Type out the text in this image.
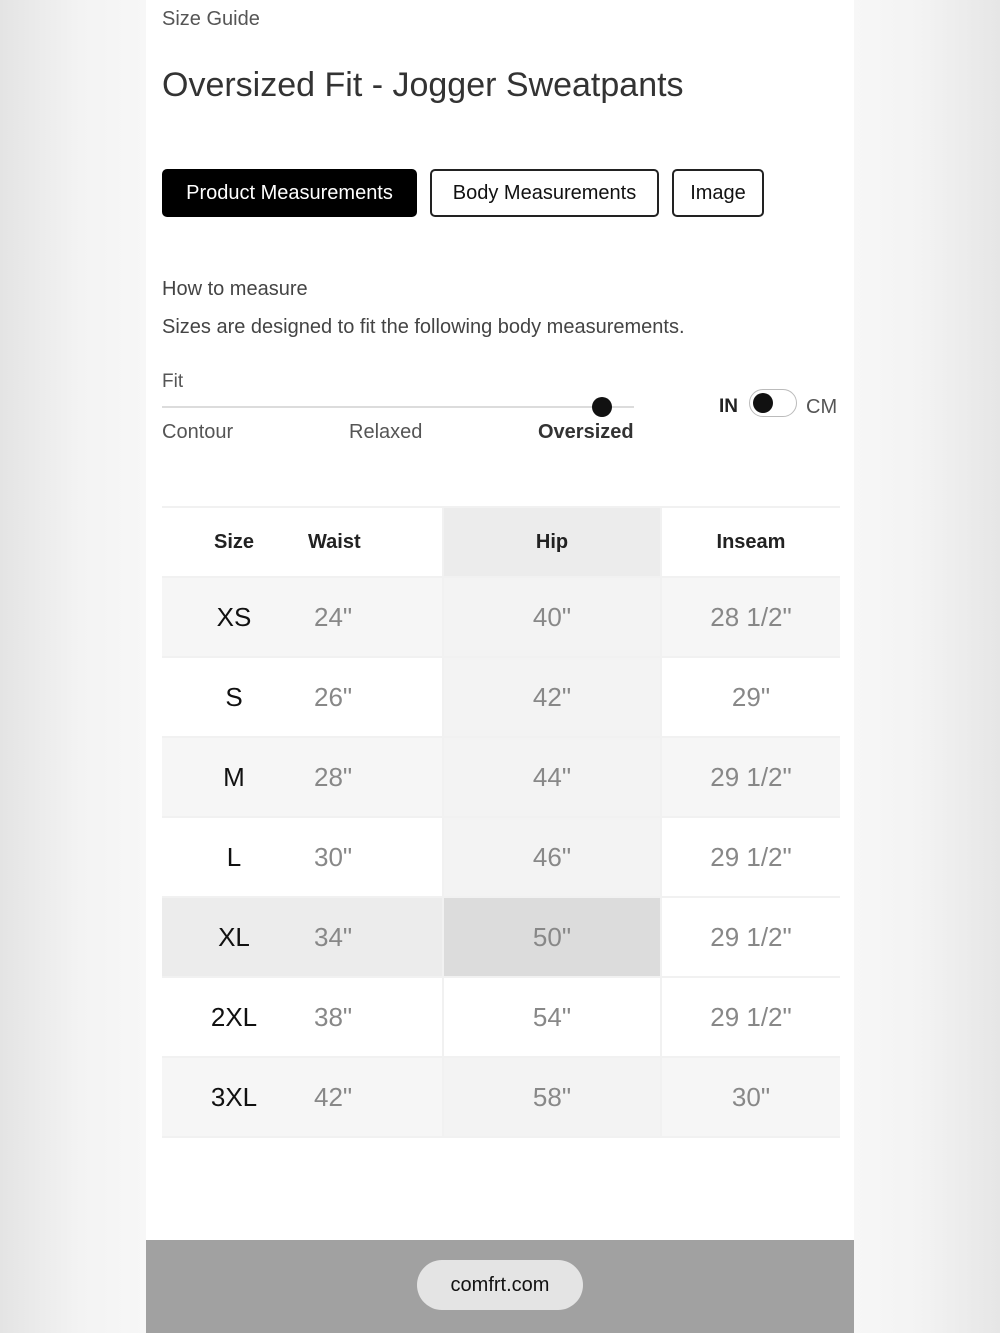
Size Guide
Oversized Fit - Jogger Sweatpants
Product Measurements	Body Measurements	Image
How to measure
Sizes are designed to fit the following body measurements.
Fit
Contour	Relaxed	Oversized
IN	CM
Size	Waist	Hip	Inseam
XS	24"	40"	28 1/2"
S	26"	42"	29"
M	28"	44"	29 1/2"
L	30"	46"	29 1/2"
XL	34"	50"	29 1/2"
2XL	38"	54"	29 1/2"
3XL	42"	58"	30"
comfrt.com
